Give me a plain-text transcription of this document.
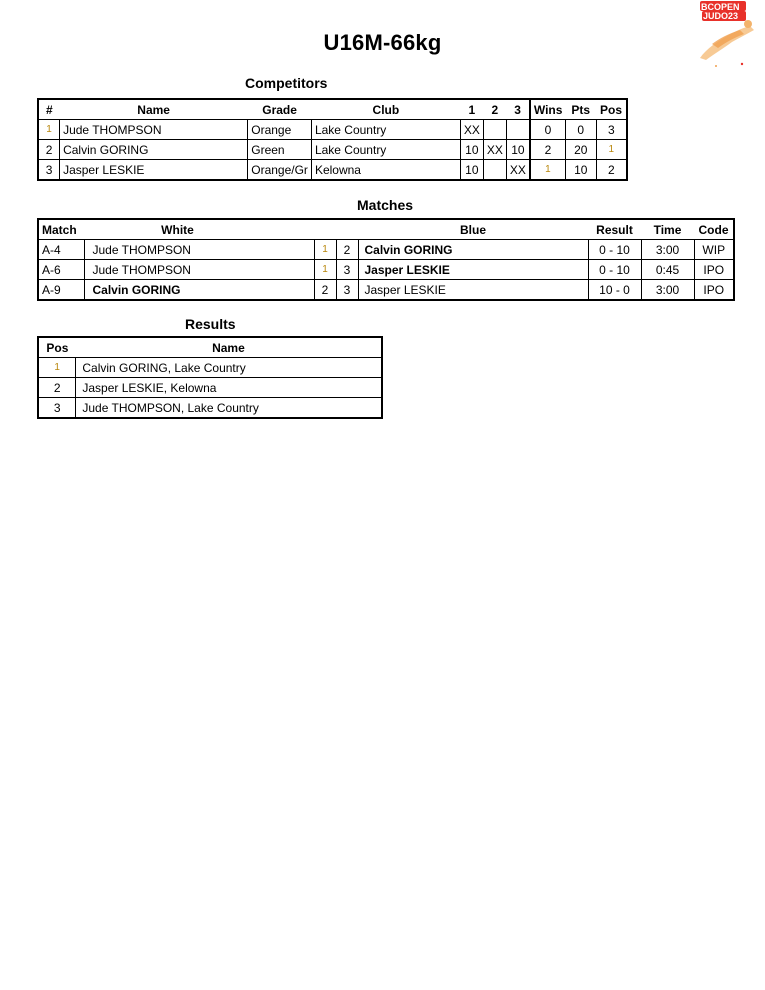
U16M-66kg
BCOPEN
JUDO23
Competitors
#	Name	Grade	Club	1	2	3	Wins	Pts	Pos
1	Jude THOMPSON	Orange	Lake Country	XX			0	0	3
2	Calvin GORING	Green	Lake Country	10	XX	10	2	20	1
3	Jasper LESKIE	Orange/Gr	Kelowna	10		XX	1	10	2
Matches
Match	White			Blue	Result	Time	Code
A-4	Jude THOMPSON	1	2	Calvin GORING	0 - 10	3:00	WIP
A-6	Jude THOMPSON	1	3	Jasper LESKIE	0 - 10	0:45	IPO
A-9	Calvin GORING	2	3	Jasper LESKIE	10 - 0	3:00	IPO
Results
Pos	Name
1	Calvin GORING, Lake Country
2	Jasper LESKIE, Kelowna
3	Jude THOMPSON, Lake Country
